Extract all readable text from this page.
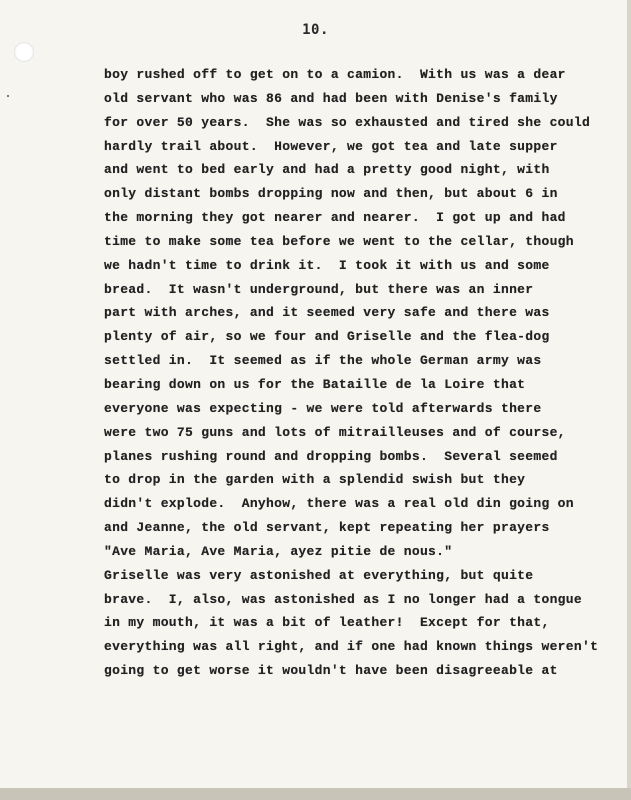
10.
boy rushed off to get on to a camion.  With us was a dear
old servant who was 86 and had been with Denise's family
for over 50 years.  She was so exhausted and tired she could
hardly trail about.  However, we got tea and late supper
and went to bed early and had a pretty good night, with
only distant bombs dropping now and then, but about 6 in
the morning they got nearer and nearer.  I got up and had
time to make some tea before we went to the cellar, though
we hadn't time to drink it.  I took it with us and some
bread.  It wasn't underground, but there was an inner
part with arches, and it seemed very safe and there was
plenty of air, so we four and Griselle and the flea-dog
settled in.  It seemed as if the whole German army was
bearing down on us for the Bataille de la Loire that
everyone was expecting - we were told afterwards there
were two 75 guns and lots of mitrailleuses and of course,
planes rushing round and dropping bombs.  Several seemed
to drop in the garden with a splendid swish but they
didn't explode.  Anyhow, there was a real old din going on
and Jeanne, the old servant, kept repeating her prayers
"Ave Maria, Ave Maria, ayez pitie de nous."
Griselle was very astonished at everything, but quite
brave.  I, also, was astonished as I no longer had a tongue
in my mouth, it was a bit of leather!  Except for that,
everything was all right, and if one had known things weren't
going to get worse it wouldn't have been disagreeable at
